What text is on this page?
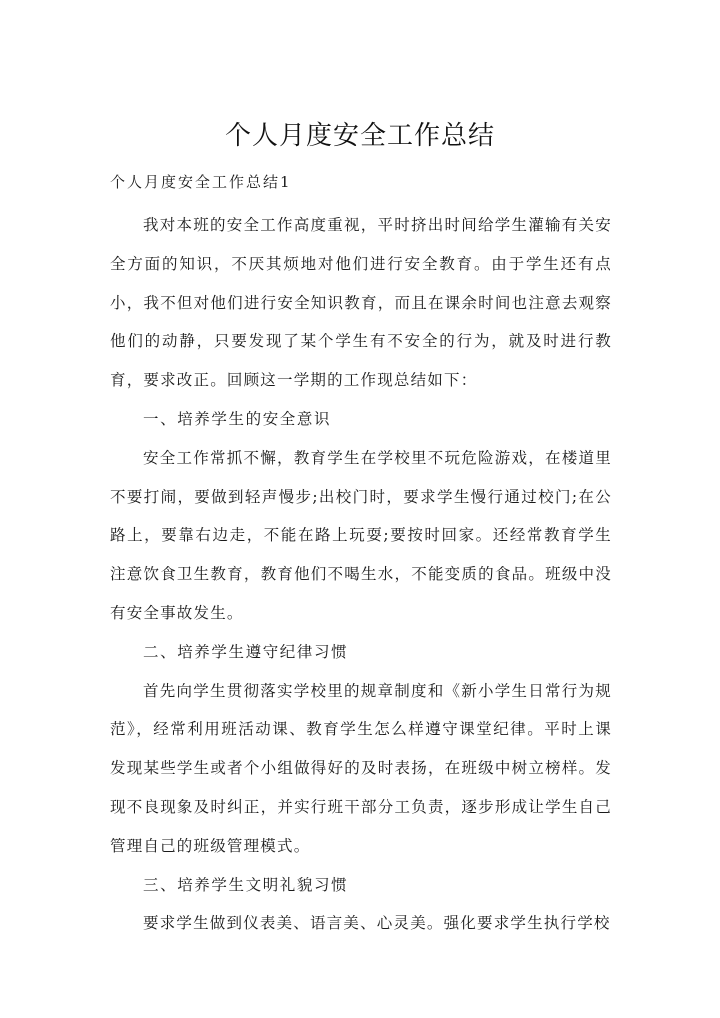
个人月度安全工作总结
个人月度安全工作总结1

我对本班的安全工作高度重视，平时挤出时间给学生灌输有关安全方面的知识，不厌其烦地对他们进行安全教育。由于学生还有点小，我不但对他们进行安全知识教育，而且在课余时间也注意去观察他们的动静，只要发现了某个学生有不安全的行为，就及时进行教育，要求改正。回顾这一学期的工作现总结如下：

一、培养学生的安全意识

安全工作常抓不懈，教育学生在学校里不玩危险游戏，在楼道里不要打闹，要做到轻声慢步;出校门时，要求学生慢行通过校门;在公路上，要靠右边走，不能在路上玩耍;要按时回家。还经常教育学生注意饮食卫生教育，教育他们不喝生水，不能变质的食品。班级中没有安全事故发生。

二、培养学生遵守纪律习惯

首先向学生贯彻落实学校里的规章制度和《新小学生日常行为规范》，经常利用班活动课、教育学生怎么样遵守课堂纪律。平时上课发现某些学生或者个小组做得好的及时表扬，在班级中树立榜样。发现不良现象及时纠正，并实行班干部分工负责，逐步形成让学生自己管理自己的班级管理模式。

三、培养学生文明礼貌习惯

要求学生做到仪表美、语言美、心灵美。强化要求学生执行学校
